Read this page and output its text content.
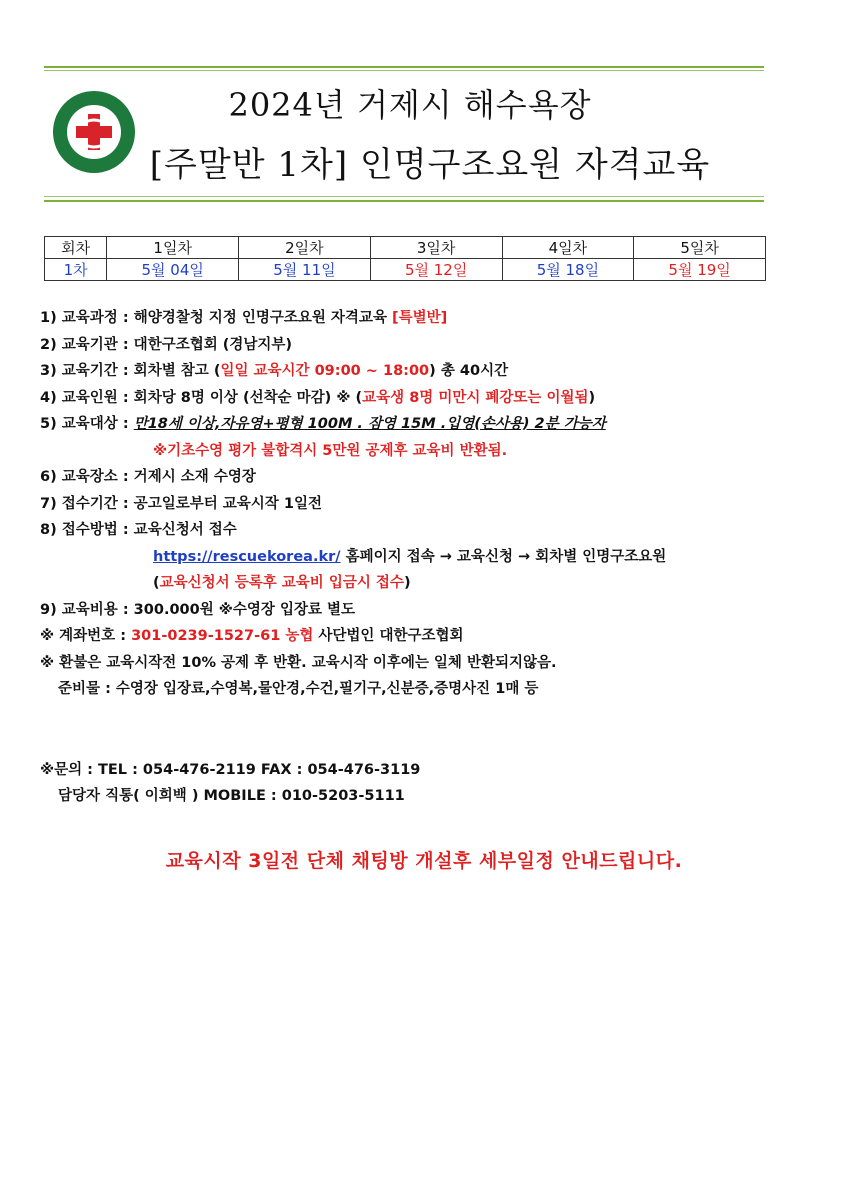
2024년 거제시 해수욕장
[주말반 1차] 인명구조요원 자격교육
회차	1일차	2일차	3일차	4일차	5일차
1차	5월 04일	5월 11일	5월 12일	5월 18일	5월 19일
1) 교육과정 : 해양경찰청 지정 인명구조요원 자격교육 [특별반]
2) 교육기관 : 대한구조협회 (경남지부)
3) 교육기간 : 회차별 참고 (일일 교육시간 09:00 ~ 18:00) 총 40시간
4) 교육인원 : 회차당 8명 이상 (선착순 마감) ※ (교육생 8명 미만시 폐강또는 이월됨)
5) 교육대상 : 만18세 이상,자유영+평형 100M . 잠영 15M .입영(손사용) 2분 가능자
※기초수영 평가 불합격시 5만원 공제후 교육비 반환됨.
6) 교육장소 : 거제시 소재 수영장
7) 접수기간 : 공고일로부터 교육시작 1일전
8) 접수방법 : 교육신청서 접수
https://rescuekorea.kr/ 홈페이지 접속 → 교육신청 → 회차별 인명구조요원
(교육신청서 등록후 교육비 입금시 접수)
9) 교육비용 : 300.000원 ※수영장 입장료 별도
※ 계좌번호 : 301-0239-1527-61 농협 사단법인 대한구조협회
※ 환불은 교육시작전 10% 공제 후 반환. 교육시작 이후에는 일체 반환되지않음.
준비물 : 수영장 입장료,수영복,물안경,수건,필기구,신분증,증명사진 1매 등
※문의 : TEL : 054-476-2119 FAX : 054-476-3119
담당자 직통( 이희백 ) MOBILE : 010-5203-5111
교육시작 3일전 단체 채팅방 개설후 세부일정 안내드립니다.
